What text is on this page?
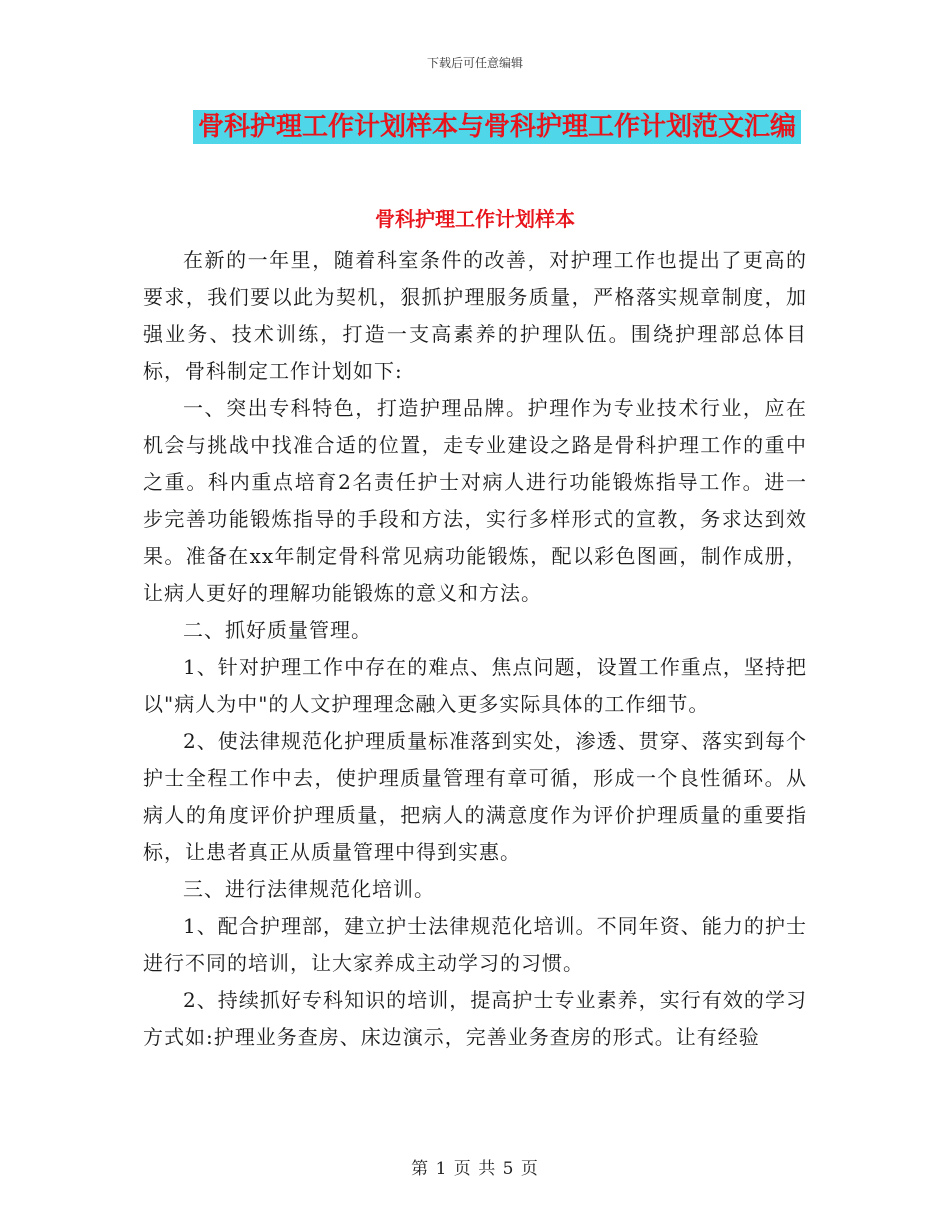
下载后可任意编辑
骨科护理工作计划样本与骨科护理工作计划范文汇编
骨科护理工作计划样本

在新的一年里，随着科室条件的改善，对护理工作也提出了更高的要求，我们要以此为契机，狠抓护理服务质量，严格落实规章制度，加强业务、技术训练，打造一支高素养的护理队伍。围绕护理部总体目标，骨科制定工作计划如下:

一、突出专科特色，打造护理品牌。护理作为专业技术行业，应在机会与挑战中找准合适的位置，走专业建设之路是骨科护理工作的重中之重。科内重点培育2名责任护士对病人进行功能锻炼指导工作。进一步完善功能锻炼指导的手段和方法，实行多样形式的宣教，务求达到效果。准备在xx年制定骨科常见病功能锻炼，配以彩色图画，制作成册，让病人更好的理解功能锻炼的意义和方法。

二、抓好质量管理。

1、针对护理工作中存在的难点、焦点问题，设置工作重点，坚持把以"病人为中"的人文护理理念融入更多实际具体的工作细节。

2、使法律规范化护理质量标准落到实处，渗透、贯穿、落实到每个护士全程工作中去，使护理质量管理有章可循，形成一个良性循环。从病人的角度评价护理质量，把病人的满意度作为评价护理质量的重要指标，让患者真正从质量管理中得到实惠。

三、进行法律规范化培训。

1、配合护理部，建立护士法律规范化培训。不同年资、能力的护士进行不同的培训，让大家养成主动学习的习惯。

2、持续抓好专科知识的培训，提高护士专业素养，实行有效的学习方式如:护理业务查房、床边演示，完善业务查房的形式。让有经验

第 1 页 共 5 页
